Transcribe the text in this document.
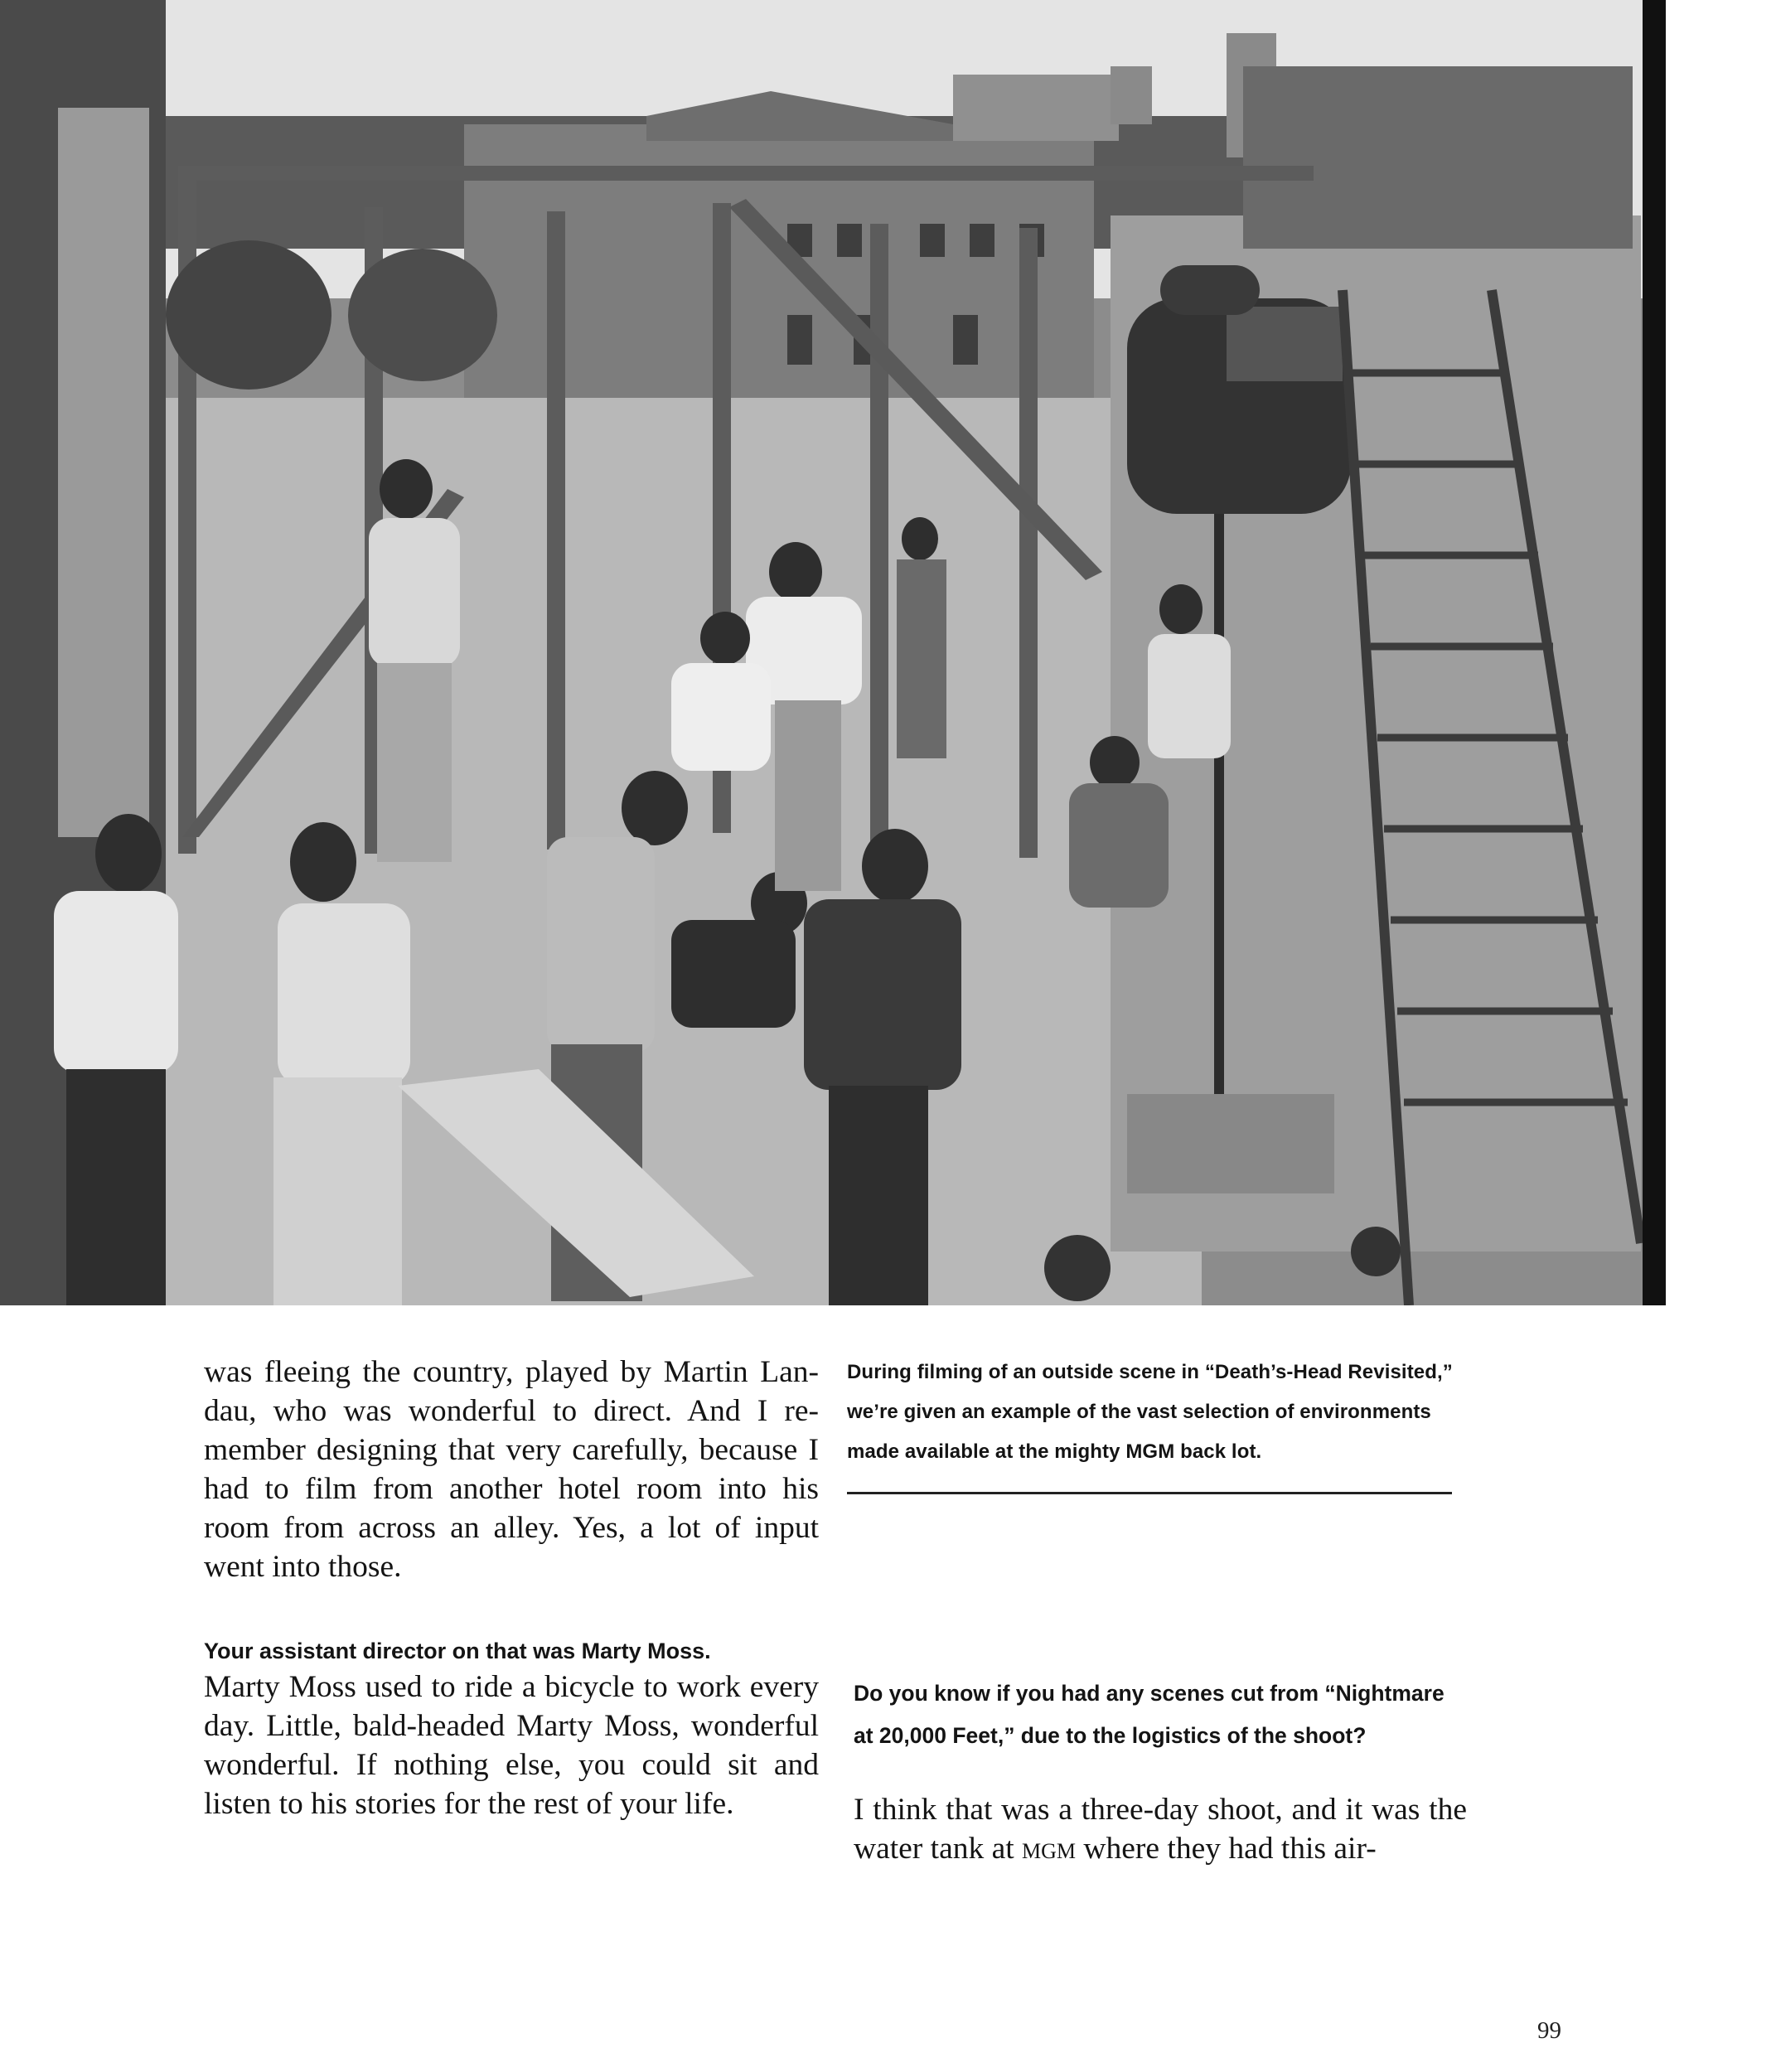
was fleeing the country, played by Martin Lan-dau, who was wonderful to direct. And I re-member designing that very carefully, because I had to film from another hotel room into his room from across an alley. Yes, a lot of input went into those.

Your assistant director on that was Marty Moss.

Marty Moss used to ride a bicycle to work every day. Little, bald-headed Marty Moss, wonderful wonderful. If nothing else, you could sit and listen to his stories for the rest of your life.

During filming of an outside scene in “Death’s-Head Revisited,” we’re given an example of the vast selection of environments made available at the mighty MGM back lot.

Do you know if you had any scenes cut from “Nightmare at 20,000 Feet,” due to the logistics of the shoot?

I think that was a three-day shoot, and it was the water tank at mgm where they had this air-

99
